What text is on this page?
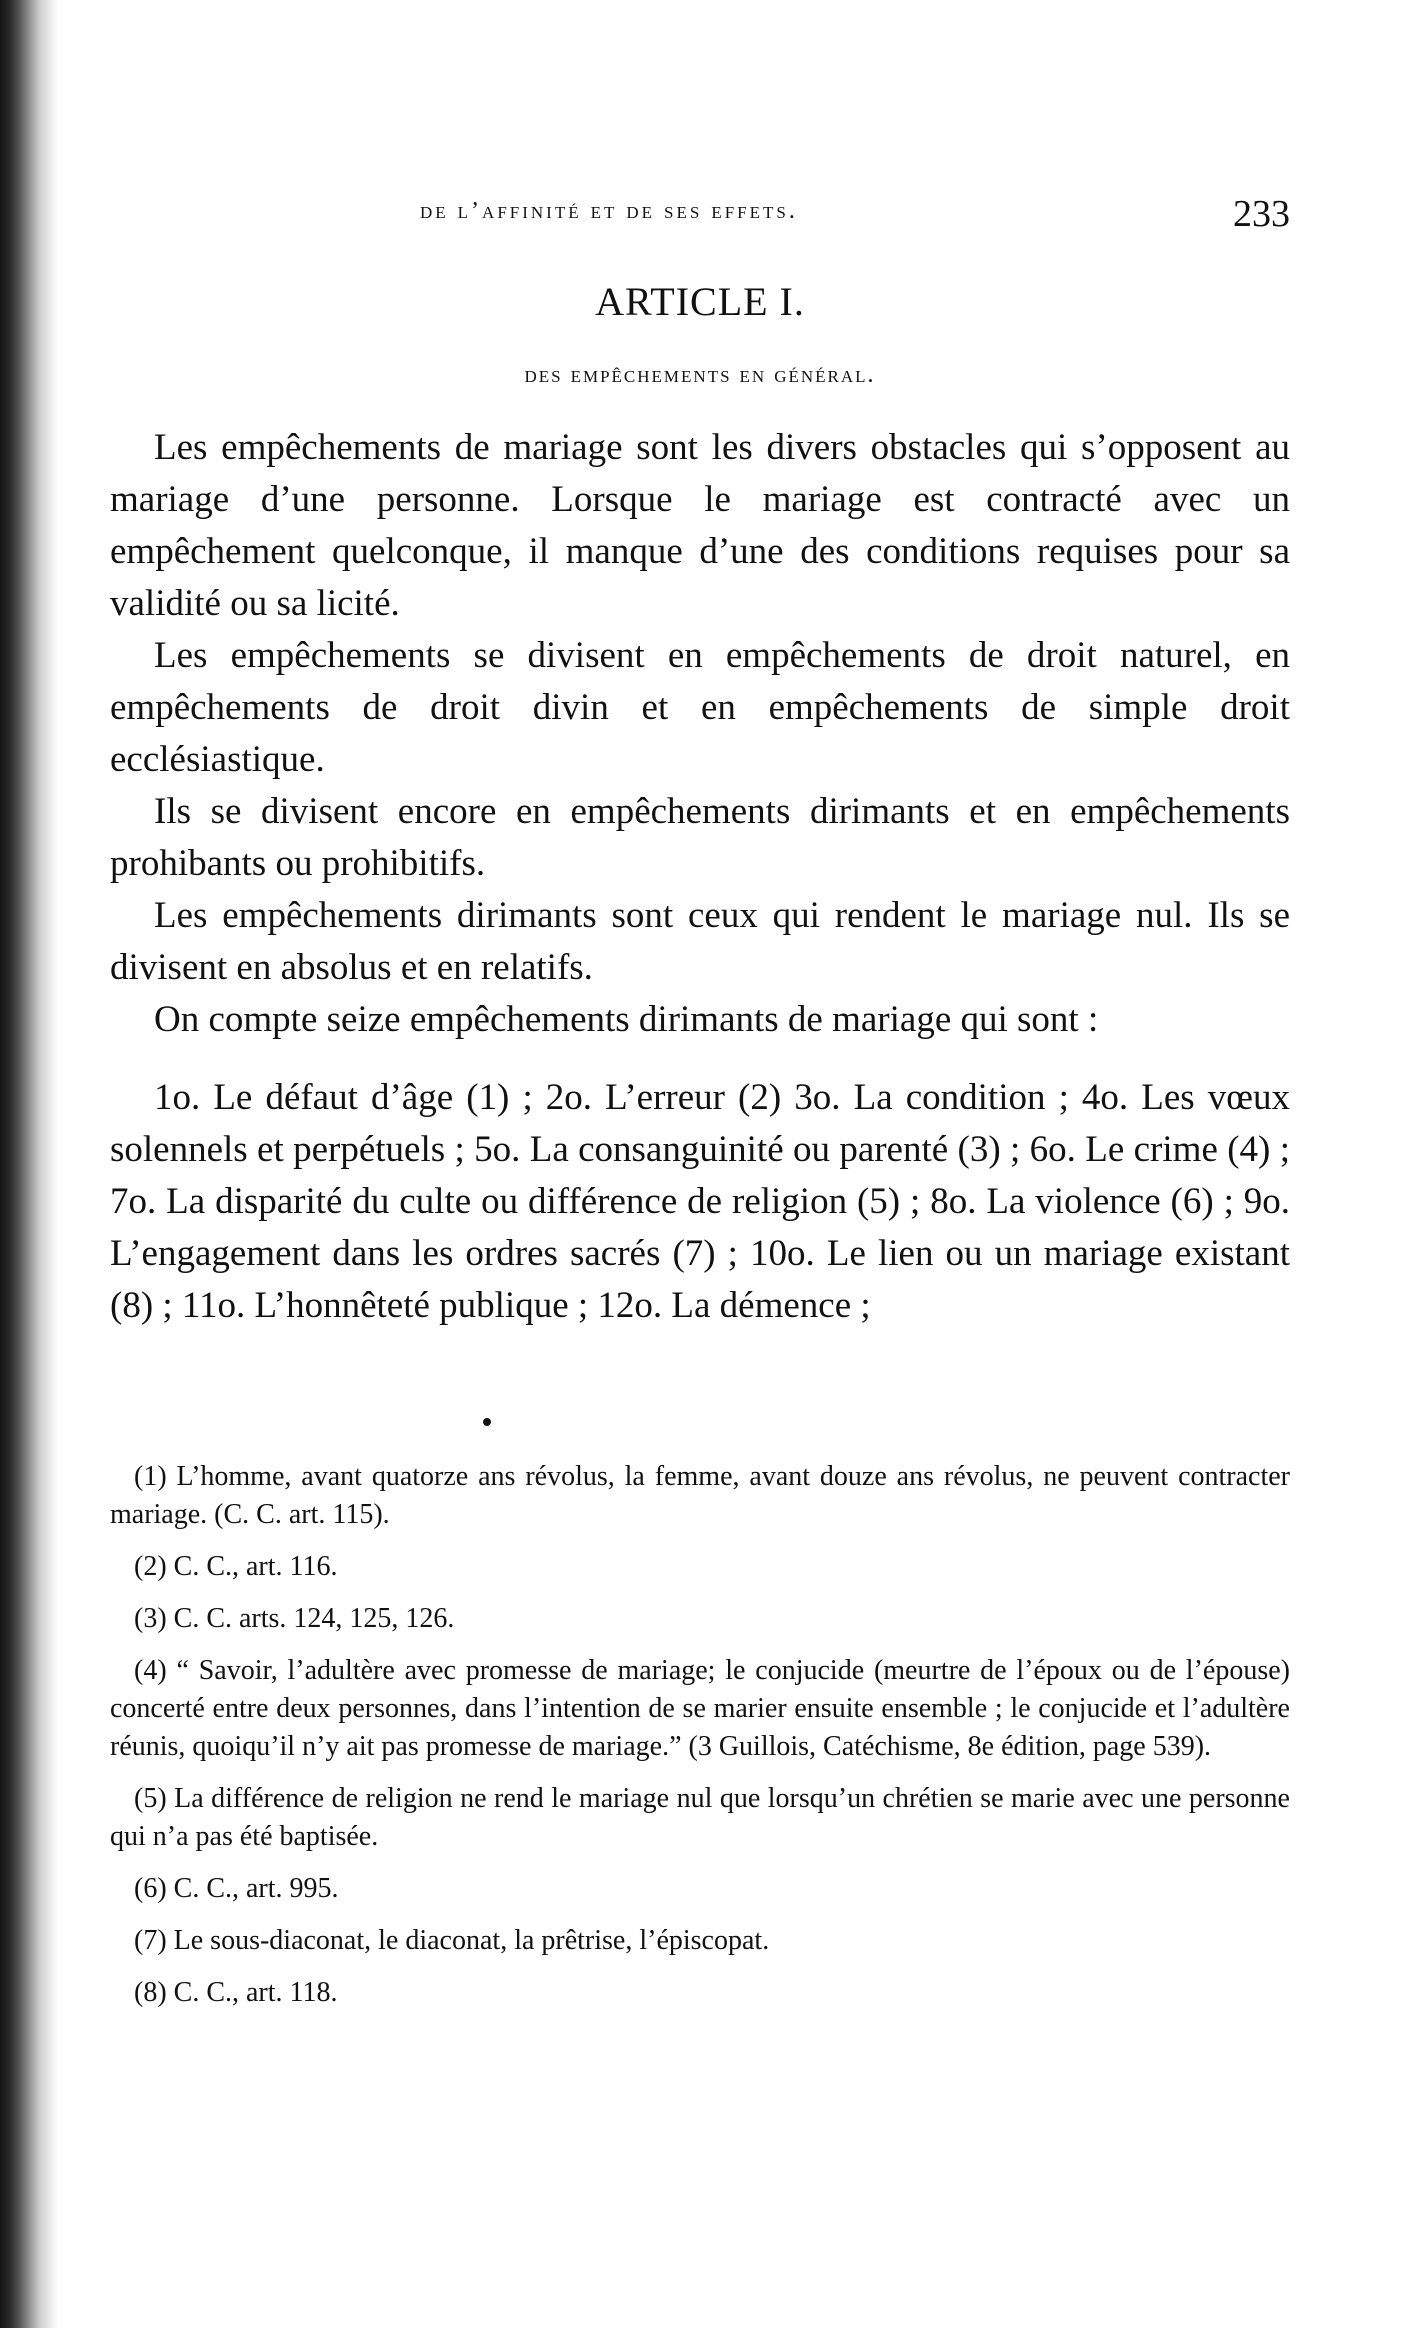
de l’affinité et de ses effets.	233
ARTICLE I.
des empêchements en général.

Les empêchements de mariage sont les divers obstacles qui s’opposent au mariage d’une personne. Lorsque le mariage est contracté avec un empêchement quelconque, il manque d’une des conditions requises pour sa validité ou sa licité.

Les empêchements se divisent en empêchements de droit naturel, en empêchements de droit divin et en empêchements de simple droit ecclésiastique.

Ils se divisent encore en empêchements dirimants et en empêchements prohibants ou prohibitifs.

Les empêchements dirimants sont ceux qui rendent le mariage nul. Ils se divisent en absolus et en relatifs.

On compte seize empêchements dirimants de mariage qui sont :

1o. Le défaut d’âge (1) ; 2o. L’erreur (2) 3o. La condition ; 4o. Les vœux solennels et perpétuels ; 5o. La consanguinité ou parenté (3) ; 6o. Le crime (4) ; 7o. La disparité du culte ou différence de religion (5) ; 8o. La violence (6) ; 9o. L’engagement dans les ordres sacrés (7) ; 10o. Le lien ou un mariage existant (8) ; 11o. L’honnêteté publique ; 12o. La démence ;

(1) L’homme, avant quatorze ans révolus, la femme, avant douze ans révolus, ne peuvent contracter mariage. (C. C. art. 115).

(2) C. C., art. 116.

(3) C. C. arts. 124, 125, 126.

(4) “ Savoir, l’adultère avec promesse de mariage; le conjucide (meurtre de l’époux ou de l’épouse) concerté entre deux personnes, dans l’intention de se marier ensuite ensemble ; le conjucide et l’adultère réunis, quoiqu’il n’y ait pas promesse de mariage.” (3 Guillois, Catéchisme, 8e édition, page 539).

(5) La différence de religion ne rend le mariage nul que lorsqu’un chrétien se marie avec une personne qui n’a pas été baptisée.

(6) C. C., art. 995.

(7) Le sous-diaconat, le diaconat, la prêtrise, l’épiscopat.

(8) C. C., art. 118.
